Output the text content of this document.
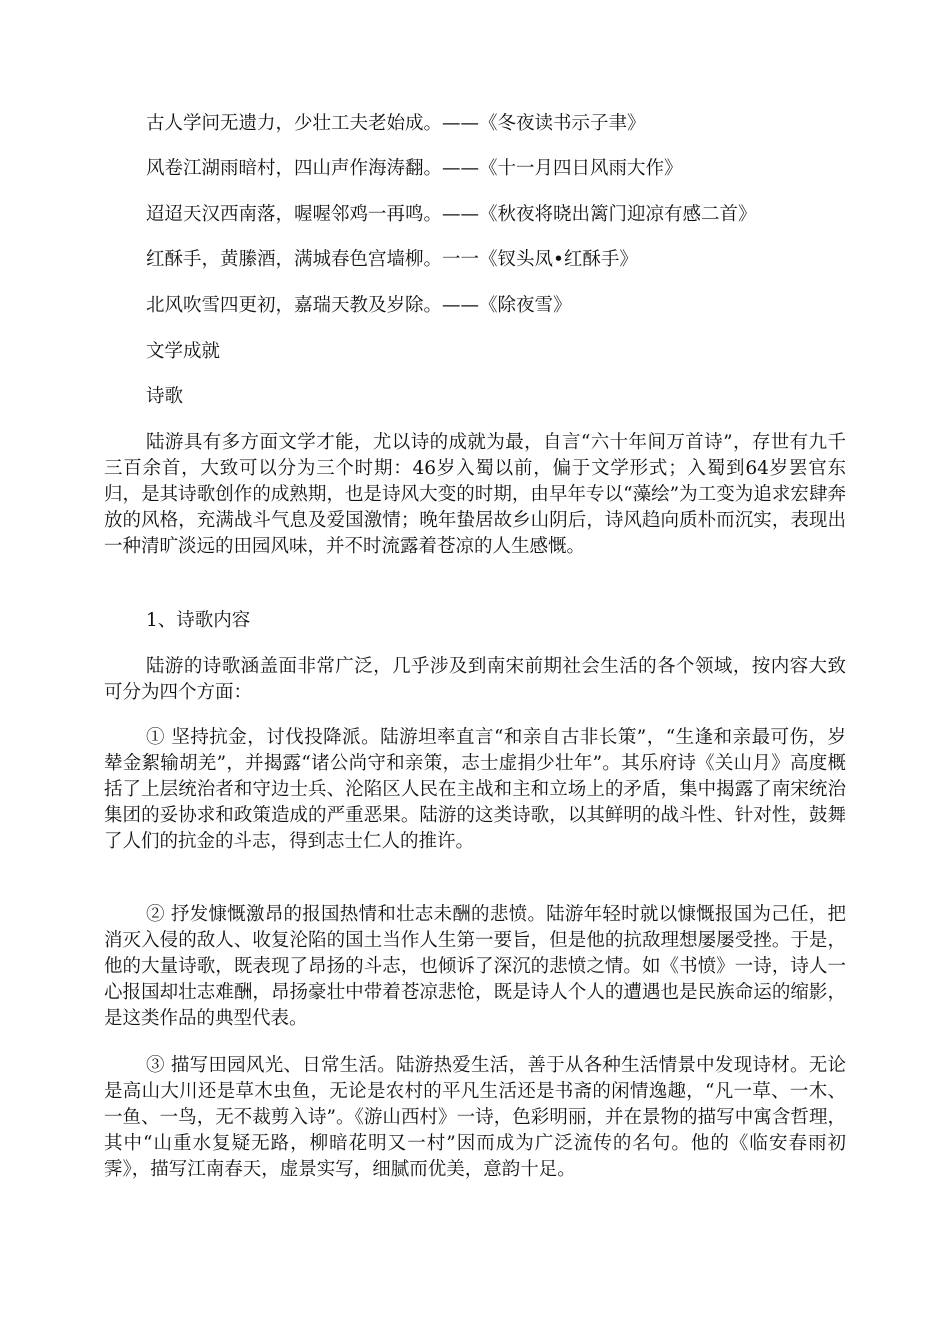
古人学问无遗力，少壮工夫老始成。——《冬夜读书示子聿》
风卷江湖雨暗村，四山声作海涛翻。——《十一月四日风雨大作》
迢迢天汉西南落，喔喔邻鸡一再鸣。——《秋夜将晓出篱门迎凉有感二首》
红酥手，黄縢酒，满城春色宫墙柳。一一《钗头凤•红酥手》
北风吹雪四更初，嘉瑞天教及岁除。——《除夜雪》
文学成就
诗歌
陆游具有多方面文学才能，尤以诗的成就为最，自言“六十年间万首诗”，存世有九千三百余首，大致可以分为三个时期：46岁入蜀以前，偏于文学形式；入蜀到64岁罢官东归，是其诗歌创作的成熟期，也是诗风大变的时期，由早年专以“藻绘”为工变为追求宏肆奔放的风格，充满战斗气息及爱国激情；晚年蛰居故乡山阴后，诗风趋向质朴而沉实，表现出一种清旷淡远的田园风味，并不时流露着苍凉的人生感慨。
1、诗歌内容
陆游的诗歌涵盖面非常广泛，几乎涉及到南宋前期社会生活的各个领域，按内容大致可分为四个方面：
① 坚持抗金，讨伐投降派。陆游坦率直言“和亲自古非长策”，“生逢和亲最可伤，岁辇金絮输胡羌”，并揭露“诸公尚守和亲策，志士虚捐少壮年”。其乐府诗《关山月》高度概括了上层统治者和守边士兵、沦陷区人民在主战和主和立场上的矛盾，集中揭露了南宋统治集团的妥协求和政策造成的严重恶果。陆游的这类诗歌，以其鲜明的战斗性、针对性，鼓舞了人们的抗金的斗志，得到志士仁人的推许。
② 抒发慷慨激昂的报国热情和壮志未酬的悲愤。陆游年轻时就以慷慨报国为己任，把消灭入侵的敌人、收复沦陷的国土当作人生第一要旨，但是他的抗敌理想屡屡受挫。于是，他的大量诗歌，既表现了昂扬的斗志，也倾诉了深沉的悲愤之情。如《书愤》一诗，诗人一心报国却壮志难酬，昂扬豪壮中带着苍凉悲怆，既是诗人个人的遭遇也是民族命运的缩影，是这类作品的典型代表。
③ 描写田园风光、日常生活。陆游热爱生活，善于从各种生活情景中发现诗材。无论是高山大川还是草木虫鱼，无论是农村的平凡生活还是书斋的闲情逸趣，“凡一草、一木、一鱼、一鸟，无不裁剪入诗”。《游山西村》一诗，色彩明丽，并在景物的描写中寓含哲理，其中“山重水复疑无路，柳暗花明又一村”因而成为广泛流传的名句。他的《临安春雨初霁》，描写江南春天，虚景实写，细腻而优美，意韵十足。
